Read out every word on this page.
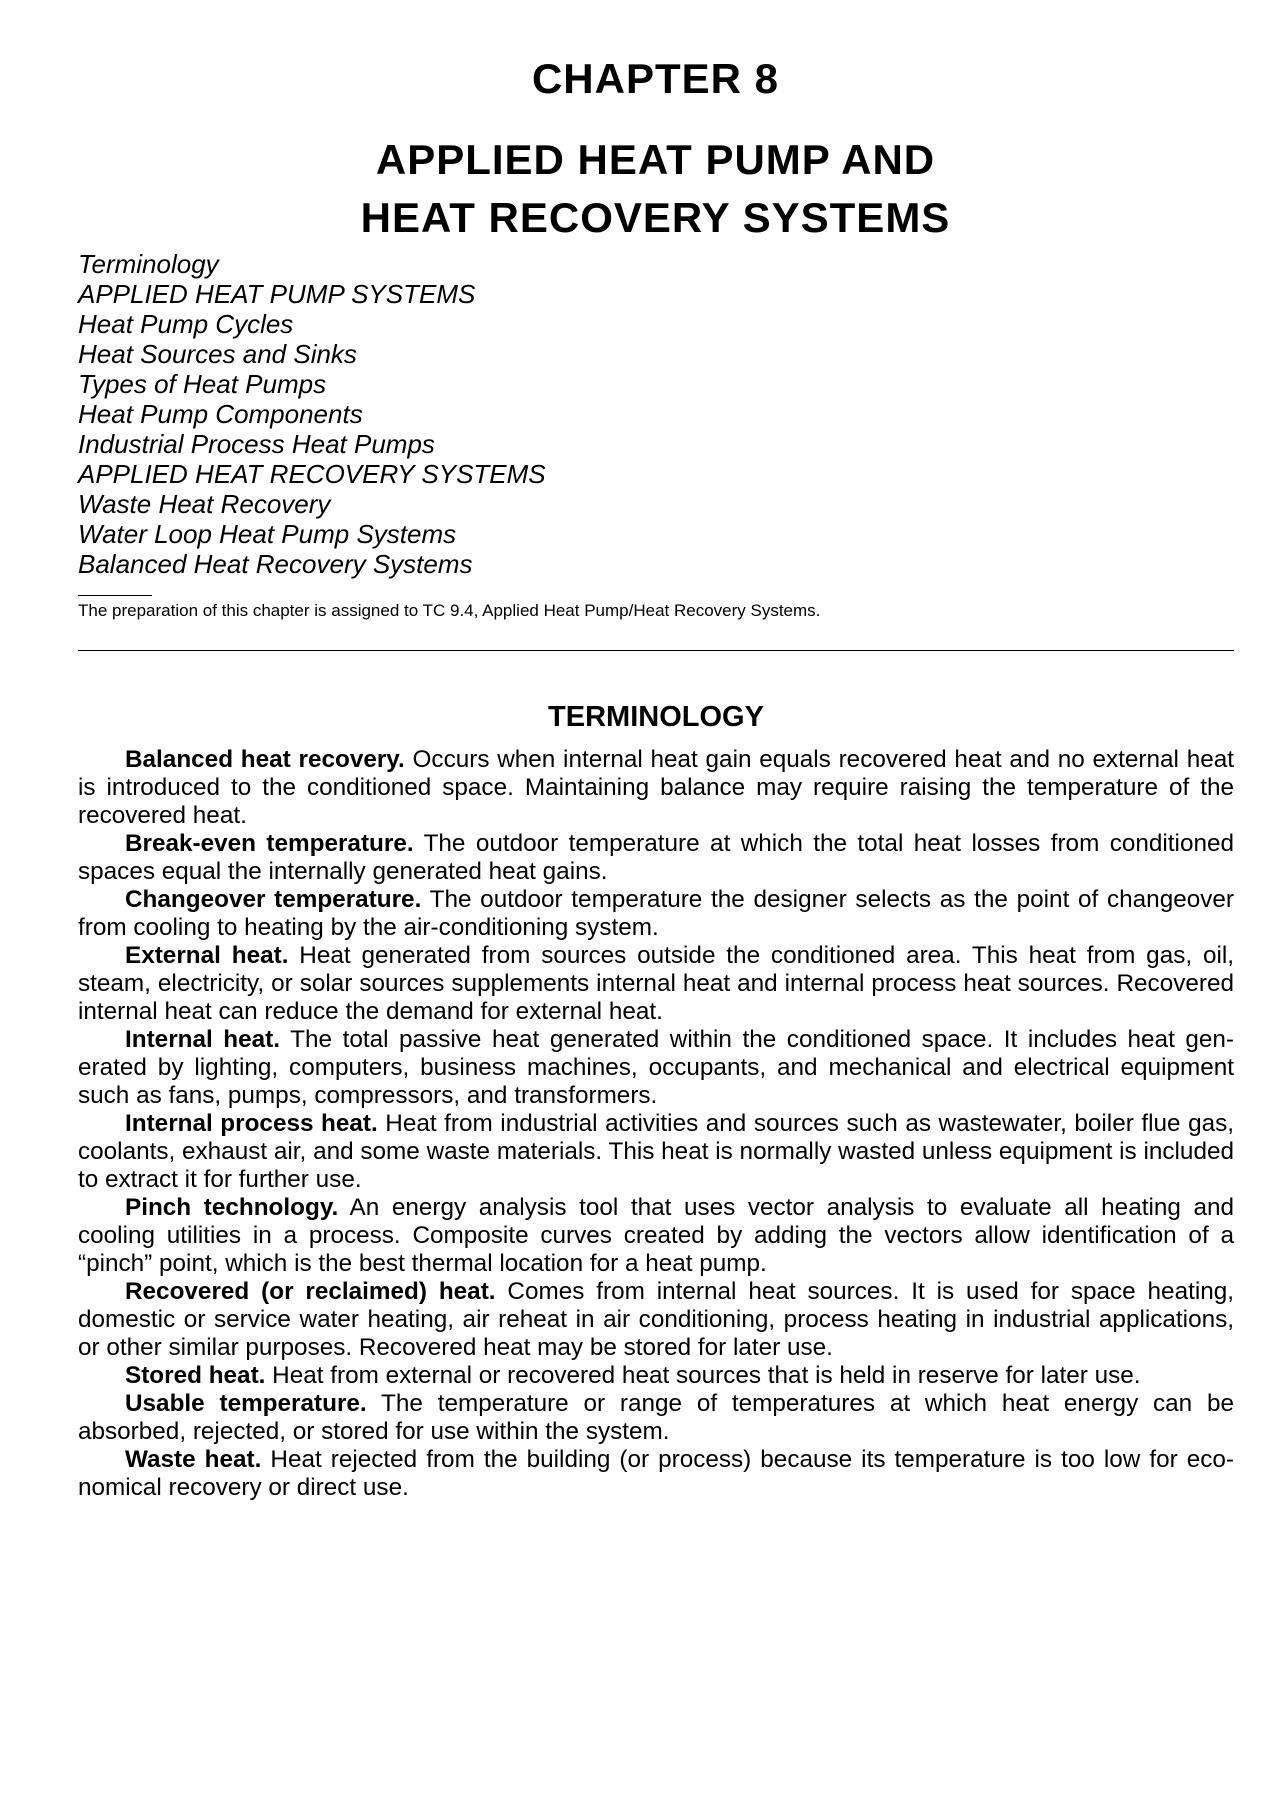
CHAPTER 8
APPLIED HEAT PUMP AND
HEAT RECOVERY SYSTEMS
Terminology
APPLIED HEAT PUMP SYSTEMS
Heat Pump Cycles
Heat Sources and Sinks
Types of Heat Pumps
Heat Pump Components
Industrial Process Heat Pumps
APPLIED HEAT RECOVERY SYSTEMS
Waste Heat Recovery
Water Loop Heat Pump Systems
Balanced Heat Recovery Systems
The preparation of this chapter is assigned to TC 9.4, Applied Heat Pump/Heat Recovery Systems.
TERMINOLOGY

Balanced heat recovery. Occurs when internal heat gain equals recovered heat and no external heat is introduced to the conditioned space. Maintaining balance may require raising the temperature of the recovered heat.

Break-even temperature. The outdoor temperature at which the total heat losses from conditioned spaces equal the internally generated heat gains.

Changeover temperature. The outdoor temperature the designer selects as the point of changeover from cooling to heating by the air-conditioning system.

External heat. Heat generated from sources outside the conditioned area. This heat from gas, oil, steam, electricity, or solar sources supplements internal heat and internal process heat sources. Recovered internal heat can reduce the demand for external heat.

Internal heat. The total passive heat generated within the conditioned space. It includes heat generated by lighting, computers, business machines, occupants, and mechanical and electrical equipment such as fans, pumps, compressors, and transformers.

Internal process heat. Heat from industrial activities and sources such as wastewater, boiler flue gas, coolants, exhaust air, and some waste materials. This heat is normally wasted unless equipment is included to extract it for further use.

Pinch technology. An energy analysis tool that uses vector analysis to evaluate all heating and cooling utilities in a process. Composite curves created by adding the vectors allow identification of a “pinch” point, which is the best thermal location for a heat pump.

Recovered (or reclaimed) heat. Comes from internal heat sources. It is used for space heating, domestic or service water heating, air reheat in air conditioning, process heating in industrial applications, or other similar purposes. Recovered heat may be stored for later use.

Stored heat. Heat from external or recovered heat sources that is held in reserve for later use.

Usable temperature. The temperature or range of temperatures at which heat energy can be absorbed, rejected, or stored for use within the system.

Waste heat. Heat rejected from the building (or process) because its temperature is too low for economical recovery or direct use.
